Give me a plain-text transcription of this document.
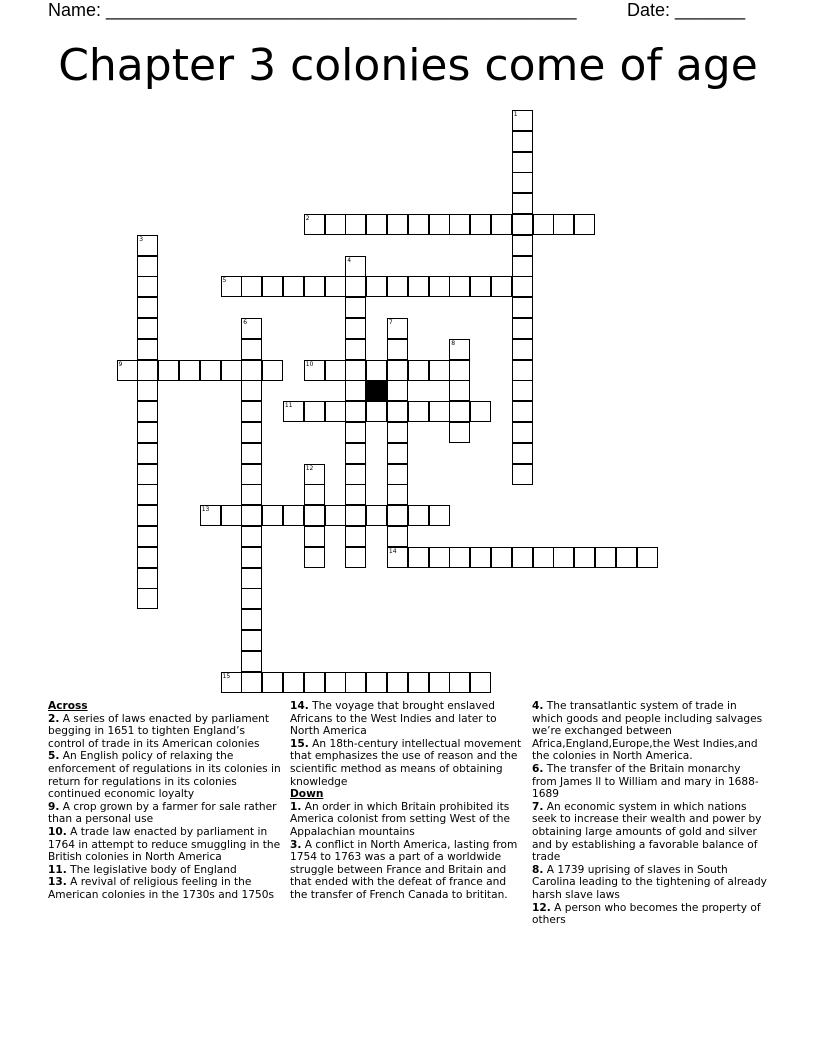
Name: _______________________________________________	Date: _______
Chapter 3 colonies come of age
1
2
3
4
5
6	7
8
9	10
11
12
13
14
15

Across

2. A series of laws enacted by parliament begging in 1651 to tighten England’s control of trade in its American colonies

5. An English policy of relaxing the enforcement of regulations in its colonies in return for regulations in its colonies continued economic loyalty

9. A crop grown by a farmer for sale rather than a personal use

10. A trade law enacted by parliament in 1764 in attempt to reduce smuggling in the British colonies in North America

11. The legislative body of England

13. A revival of religious feeling in the American colonies in the 1730s and 1750s

14. The voyage that brought enslaved Africans to the West Indies and later to North America

15. An 18th-century intellectual movement that emphasizes the use of reason and the scientific method as means of obtaining knowledge

Down

1. An order in which Britain prohibited its America colonist from setting West of the Appalachian mountains

3. A conflict in North America, lasting from 1754 to 1763 was a part of a worldwide struggle between France and Britain and that ended with the defeat of france and the transfer of French Canada to brititan.

4. The transatlantic system of trade in which goods and people including salvages we’re exchanged between Africa,England,Europe,the West Indies,and the colonies in North America.

6. The transfer of the Britain monarchy from James ll to William and mary in 1688-1689

7. An economic system in which nations seek to increase their wealth and power by obtaining large amounts of gold and silver and by establishing a favorable balance of trade

8. A 1739 uprising of slaves in South Carolina leading to the tightening of already harsh slave laws

12. A person who becomes the property of others
